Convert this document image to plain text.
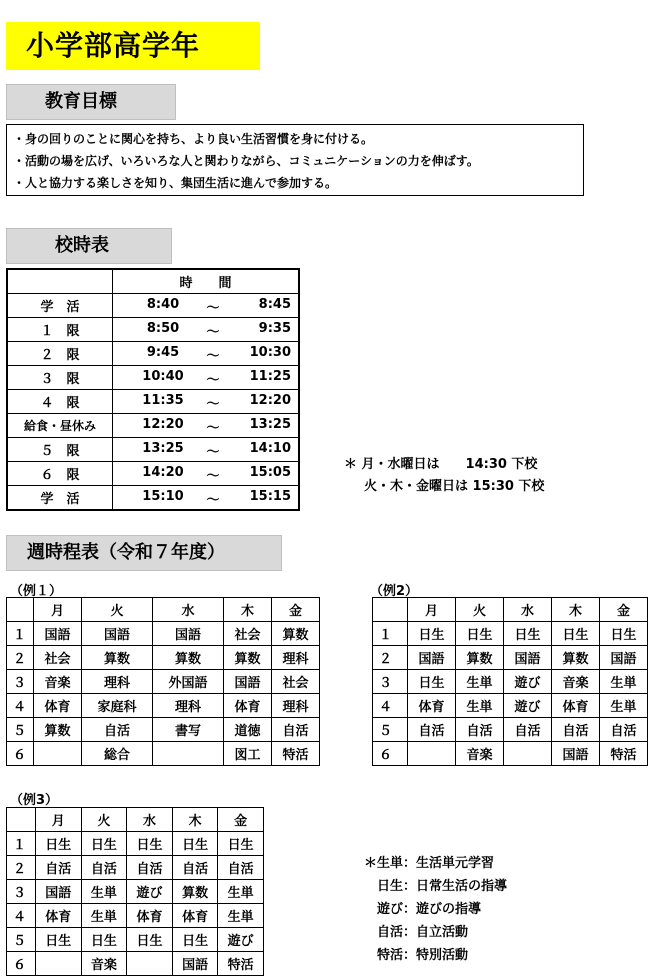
小学部高学年
教育目標
・身の回りのことに関心を持ち、より良い生活習慣を身に付ける。
・活動の場を広げ、いろいろな人と関わりながら、コミュニケーションの力を伸ばす。
・人と協力する楽しさを知り、集団生活に進んで参加する。
校時表
	時　　間
学　活	8:40 〜 8:45

１　限	8:50 〜 9:35

２　限	9:45 〜 10:30

３　限	10:40 〜 11:25

４　限	11:35 〜 12:20

給食・昼休み	12:20 〜 13:25

５　限	13:25 〜 14:10

６　限	14:20 〜 15:05

学　活	15:10 〜 15:15
＊ 月・水曜日は　　14:30 下校
火・木・金曜日は 15:30 下校
週時程表（令和７年度）
（例１）
	月	火	水	木	金
１	国語	国語	国語	社会	算数
２	社会	算数	算数	算数	理科
３	音楽	理科	外国語	国語	社会
４	体育	家庭科	理科	体育	理科
５	算数	自活	書写	道徳	自活
６		総合		図工	特活
（例2）
	月	火	水	木	金
１	日生	日生	日生	日生	日生
２	国語	算数	国語	算数	国語
３	日生	生単	遊び	音楽	生単
４	体育	生単	遊び	体育	生単
５	自活	自活	自活	自活	自活
６		音楽		国語	特活
（例3）
	月	火	水	木	金
１	日生	日生	日生	日生	日生
２	自活	自活	自活	自活	自活
３	国語	生単	遊び	算数	生単
４	体育	生単	体育	体育	生単
５	日生	日生	日生	日生	遊び
６		音楽		国語	特活
＊生単：生活単元学習
日生：日常生活の指導
遊び：遊びの指導
自活：自立活動
特活：特別活動
